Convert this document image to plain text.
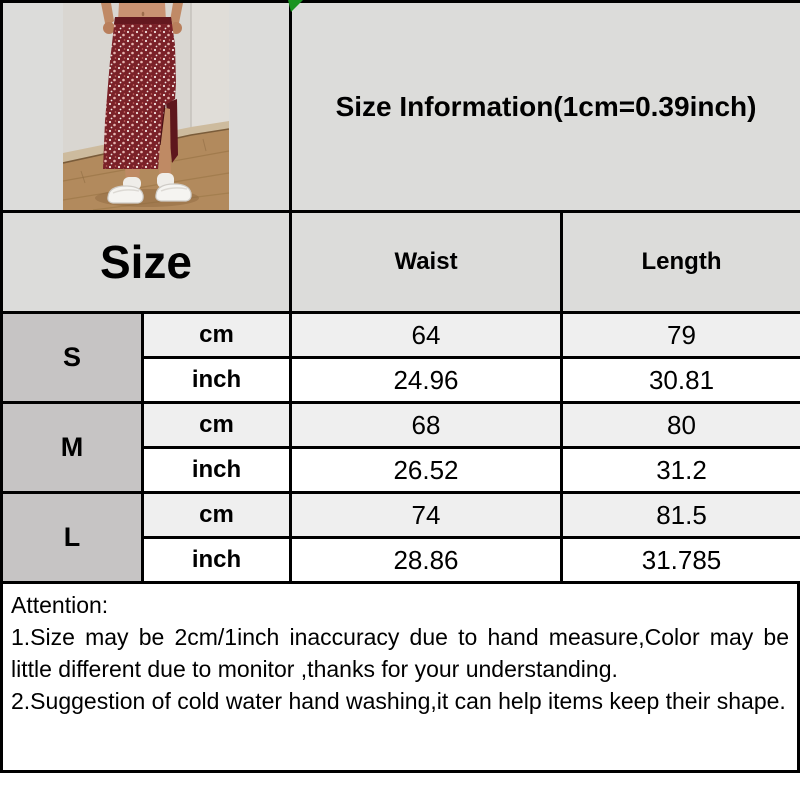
	Size Information(1cm=0.39inch)	
Size		Waist	Length
S	cm	64	79
	inch	24.96	30.81
M	cm	68	80
	inch	26.52	31.2
L	cm	74	81.5
	inch	28.86	31.785
Attention:
1.Size may be 2cm/1inch inaccuracy due to hand measure,Color may be little different due to monitor ,thanks for your understanding.
2.Suggestion of cold water hand washing,it can help items keep their shape.
